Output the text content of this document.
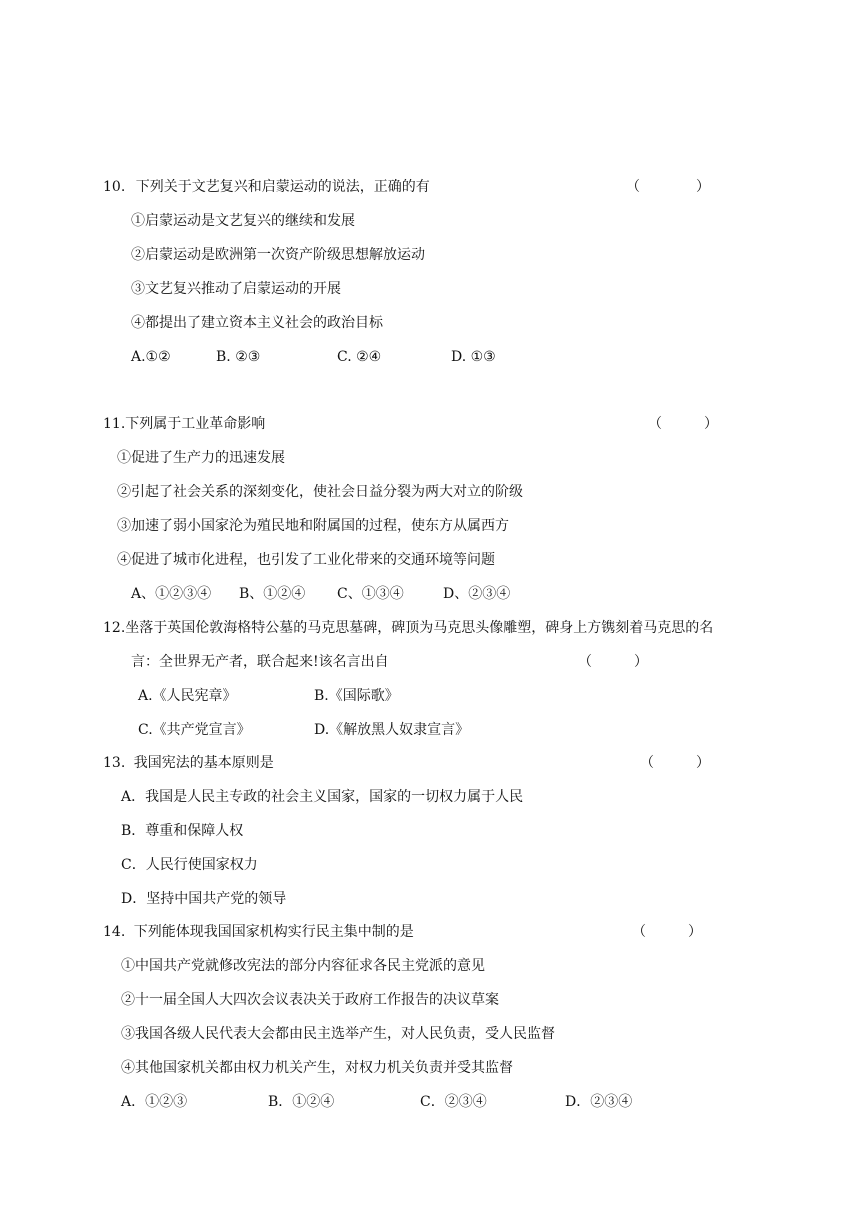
10. 下列关于文艺复兴和启蒙运动的说法，正确的有	（　　　　）
①启蒙运动是文艺复兴的继续和发展
②启蒙运动是欧洲第一次资产阶级思想解放运动
③文艺复兴推动了启蒙运动的开展
④都提出了建立资本主义社会的政治目标
A.①②	B. ②③	C. ②④	D. ①③
11.下列属于工业革命影响	（　　　）
①促进了生产力的迅速发展
②引起了社会关系的深刻变化，使社会日益分裂为两大对立的阶级
③加速了弱小国家沦为殖民地和附属国的过程，使东方从属西方
④促进了城市化进程，也引发了工业化带来的交通环境等问题
A、①②③④ B、①②④ C、①③④	D、②③④
12.坐落于英国伦敦海格特公墓的马克思墓碑，碑顶为马克思头像雕塑，碑身上方镌刻着马克思的名
言：全世界无产者，联合起来!该名言出自	（　　　）
A.《人民宪章》	B.《国际歌》
C.《共产党宣言》	D.《解放黑人奴隶宣言》
13. 我国宪法的基本原则是	（　　　）
A．我国是人民主专政的社会主义国家，国家的一切权力属于人民
B．尊重和保障人权
C．人民行使国家权力
D．坚持中国共产党的领导
14. 下列能体现我国国家机构实行民主集中制的是	（　　　）
①中国共产党就修改宪法的部分内容征求各民主党派的意见
②十一届全国人大四次会议表决关于政府工作报告的决议草案
③我国各级人民代表大会都由民主选举产生，对人民负责，受人民监督
④其他国家机关都由权力机关产生，对权力机关负责并受其监督
A．①②③	B．①②④	C．②③④	D．②③④
